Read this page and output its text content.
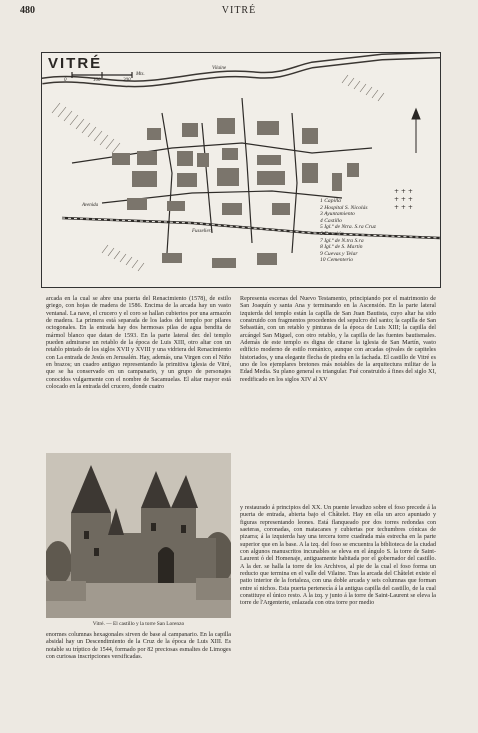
480	VITRÉ
+ + +
+ + +
+ + +
VITRÉ
0	100	200
Mts.
Vilaine
Avenida
Fusseliers
1 Capilla
2 Hospital S. Nicolás
3 Ayuntamiento
4 Castillo
5 Igl.ª de Ntra. S.ra Cruz
6 Estación
7 Igl.ª de N.tra S.ra
8 Igl.ª de S. Martín
9 Cuevas y Telar
10 Cementerio

arcada en la cual se abre una puerta del Renacimiento (1578), de estilo griego, con hojas de madera de 1586. Encima de la arcada hay un vasto ventanal. La nave, el crucero y el coro se hallan cubiertos por una armazón de madera. La primera está separada de los lados del templo por pilares octogonales. En la entrada hay dos hermosas pilas de agua bendita de mármol blanco que datan de 1593. En la parte lateral der. del templo pueden admirarse un retablo de la época de Luis XIII, otro altar con un retablo pintado de los siglos XVII y XVIII y una vidriera del Renacimiento con La entrada de Jesús en Jerusalén. Hay, además, una Virgen con el Niño en brazos; un cuadro antiguo representando la primitiva iglesia de Vitré, que se ha conservado en un campanario, y un grupo de personajes conocidos vulgarmente con el nombre de Sacamuelas. El altar mayor está colocado en la entrada del crucero, donde cuatro

Representa escenas del Nuevo Testamento, principiando por el matrimonio de San Joaquín y santa Ana y terminando en la Ascensión. En la parte lateral izquierda del templo están la capilla de San Juan Bautista, cuyo altar ha sido construido con fragmentos procedentes del sepulcro del santo; la capilla de San Sebastián, con un retablo y pinturas de la época de Luis XIII; la capilla del arcángel San Miguel, con otro retablo, y la capilla de las fuentes bautismales. Además de este templo es digna de citarse la iglesia de San Martín, vasto edificio moderno de estilo románico, aunque con arcadas ojivales de capiteles historiados, y una elegante flecha de piedra en la fachada. El castillo de Vitré es uno de los ejemplares bretones más notables de la arquitectura militar de la Edad Media. Su plano general es triangular. Fué construido á fines del siglo XI, reedificado en los siglos XIV al XV

Vitré. — El castillo y la torre San Lorenzo

y restaurado á principios del XX. Un puente levadizo sobre el foso precede á la puerta de entrada, abierta bajo el Châtelet. Hay en ella un arco apuntado y figuras representando leones. Está flanqueado por dos torres redondas con saeteras, coronadas, con matacanes y cubiertas por techumbres cónicas de pizarra; á la izquierda hay una tercera torre cuadrada más estrecha en la parte superior que en la base. A la izq. del foso se encuentra la biblioteca de la ciudad con algunos manuscritos incunables se eleva en el ángulo S. la torre de Saint-Laurent ó del Homenaje, antiguamente habitada por el gobernador del castillo. A la der. se halla la torre de los Archivos, al pie de la cual el foso forma un reducto que termina en el valle del Vilaine. Tras la arcada del Châtelet existe el patio interior de la fortaleza, con una doble arcada y seis columnas que forman entre sí nichos. Esta puerta pertenecía á la antigua capilla del castillo, de la cual constituye el único resto. A la izq. y junto á la torre de Saint-Laurent se eleva la torre de l'Argenterie, enlazada con otra torre por medio

enormes columnas hexagonales sirven de base al campanario. En la capilla absidal hay un Descendimiento de la Cruz de la época de Luis XIII. Es notable su tríptico de 1544, formado por 82 preciosas esmaltes de Limoges con curiosas inscripciones versificadas.
